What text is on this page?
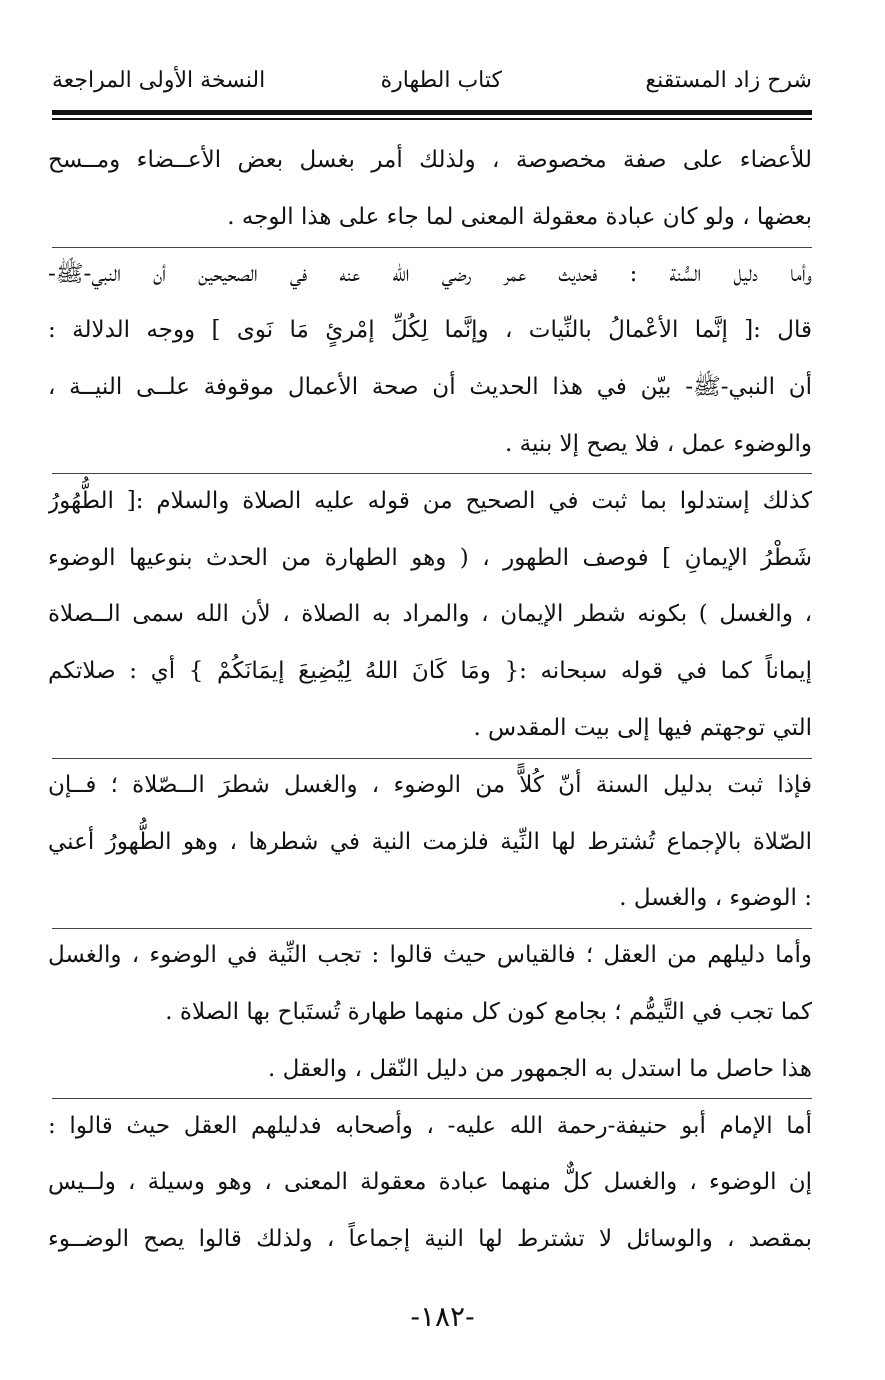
شرح زاد المستقنع
كتاب الطهارة
النسخة الأولى المراجعة
للأعضاء على صفة مخصوصة ، ولذلك أمر بغسل بعض الأعــضاء ومــسح
بعضها ، ولو كان عبادة معقولة المعنى لما جاء على هذا الوجه .
وأما دليل السُّنة : فحديث عمر رضي الله عنه في الصحيحين أن النبي-ﷺ-
قال :[ إنَّما الأعْمالُ بالنِّيات ، وإنَّما لِكُلِّ إمْرئٍ مَا نَوى ] ووجه الدلالة :
أن النبي-ﷺ- بيّن في هذا الحديث أن صحة الأعمال موقوفة علــى النيــة ،
والوضوء عمل ، فلا يصح إلا بنية .
كذلك إستدلوا بما ثبت في الصحيح من قوله عليه الصلاة والسلام :[ الطُّهُورُ
شَطْرُ الإيمانِ ] فوصف الطهور ، ( وهو الطهارة من الحدث بنوعيها الوضوء
، والغسل ) بكونه شطر الإيمان ، والمراد به الصلاة ، لأن الله سمى الــصلاة
إيماناً كما في قوله سبحانه :{ ومَا كَانَ اللهُ لِيُضِيعَ إيمَانَكُمْ } أي : صلاتكم
التي توجهتم فيها إلى بيت المقدس .
فإذا ثبت بدليل السنة أنّ كُلاًّ من الوضوء ، والغسل شطرَ الــصّلاة ؛ فــإن
الصّلاة بالإجماع تُشترط لها النِّية فلزمت النية في شطرها ، وهو الطُّهورُ أعني
: الوضوء ، والغسل .
وأما دليلهم من العقل ؛ فالقياس حيث قالوا : تجب النِّية في الوضوء ، والغسل
كما تجب في التَّيمُّم ؛ بجامع كون كل منهما طهارة تُستَباح بها الصلاة .
هذا حاصل ما استدل به الجمهور من دليل النّقل ، والعقل .
أما الإمام أبو حنيفة-رحمة الله عليه- ، وأصحابه فدليلهم العقل حيث قالوا :
إن الوضوء ، والغسل كلٌّ منهما عبادة معقولة المعنى ، وهو وسيلة ، ولــيس
بمقصد ، والوسائل لا تشترط لها النية إجماعاً ، ولذلك قالوا يصح الوضــوء
-١٨٢-
